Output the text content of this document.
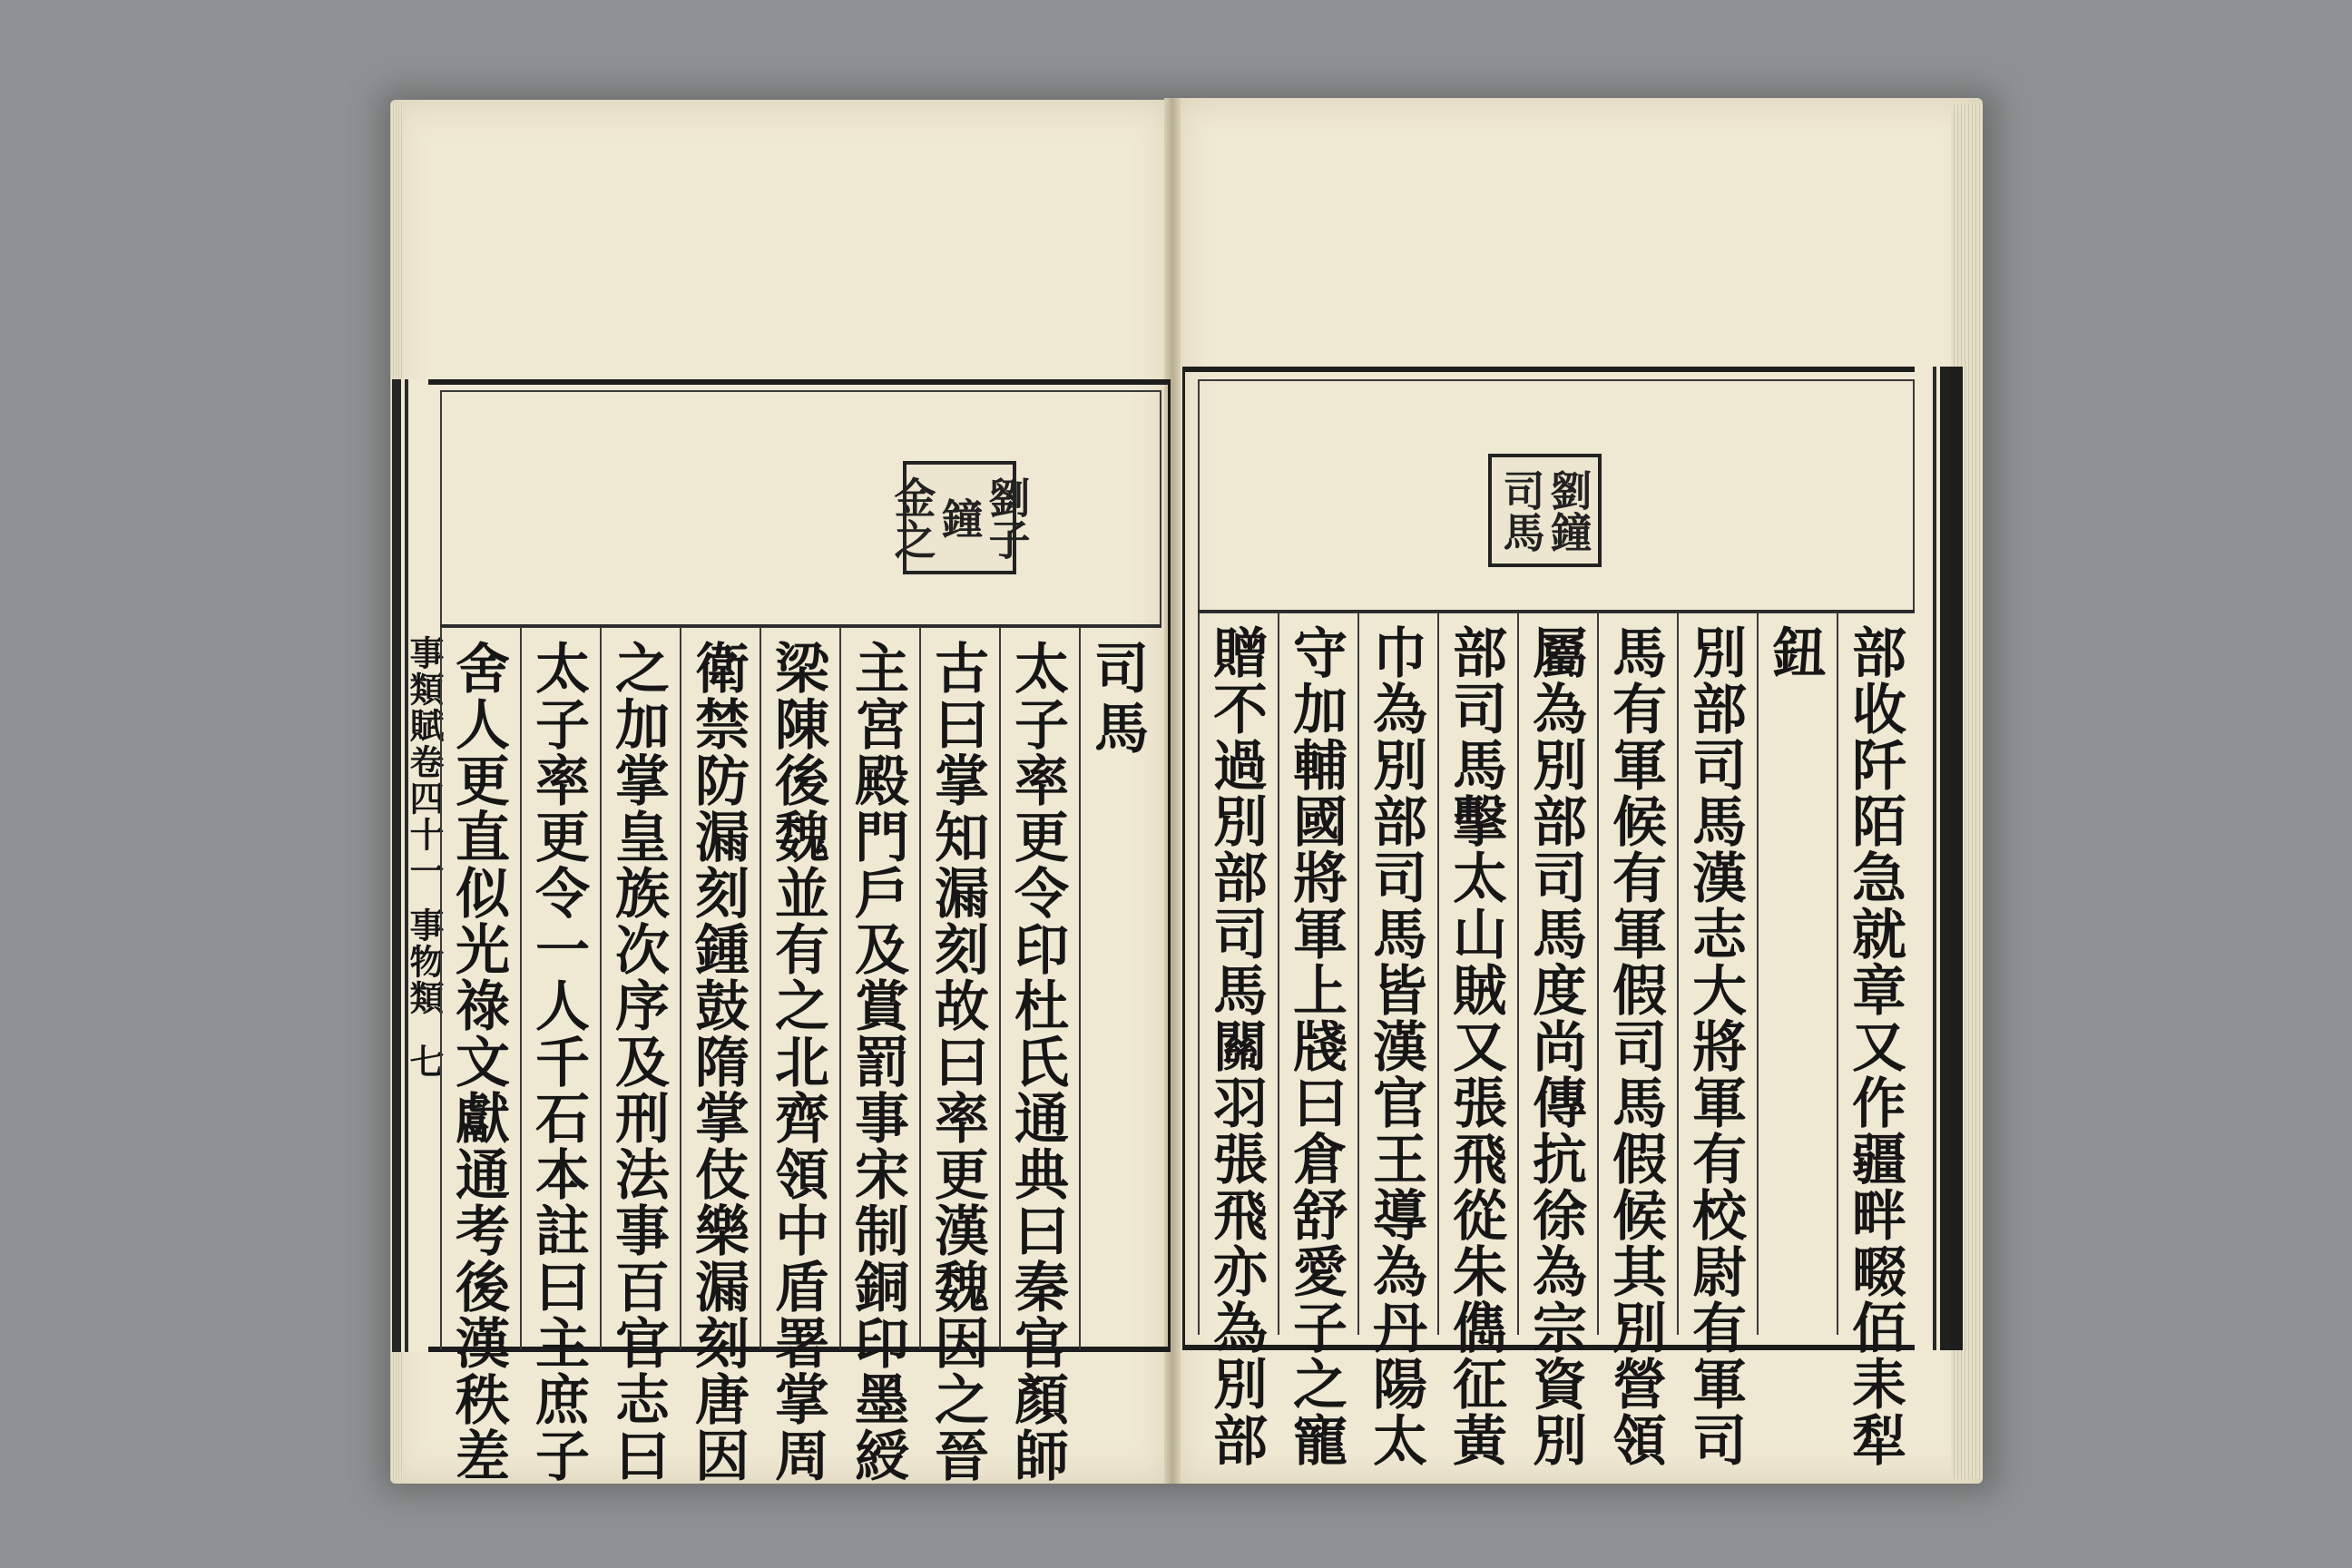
劉子
鐘
金之
事類賦卷四十一
事物類
七
司馬
太子率更令印杜氏通典曰秦官顏師
古曰掌知漏刻故曰率更漢魏因之晉
主宮殿門戶及賞罰事宋制銅印墨綬
梁陳後魏並有之北齊領中盾署掌周
衛禁防漏刻鍾鼓隋掌伎樂漏刻唐因
之加掌皇族次序及刑法事百官志曰
太子率更令一人千石本註曰主庶子
舍人更直似光祿文獻通考後漢秩差
劉
鐘
司馬
部收阡陌急就章又作疆畔畷佰耒犁
鈕
別部司馬漢志大將軍有校尉有軍司
馬有軍候有軍假司馬假候其別營領
屬為別部司馬度尚傳抗徐為宗資別
部司馬擊太山賊又張飛從朱儁征黃
巾為別部司馬皆漢官王導為丹陽太
守加輔國將軍上牋曰倉舒愛子之寵
贈不過別部司馬關羽張飛亦為別部
